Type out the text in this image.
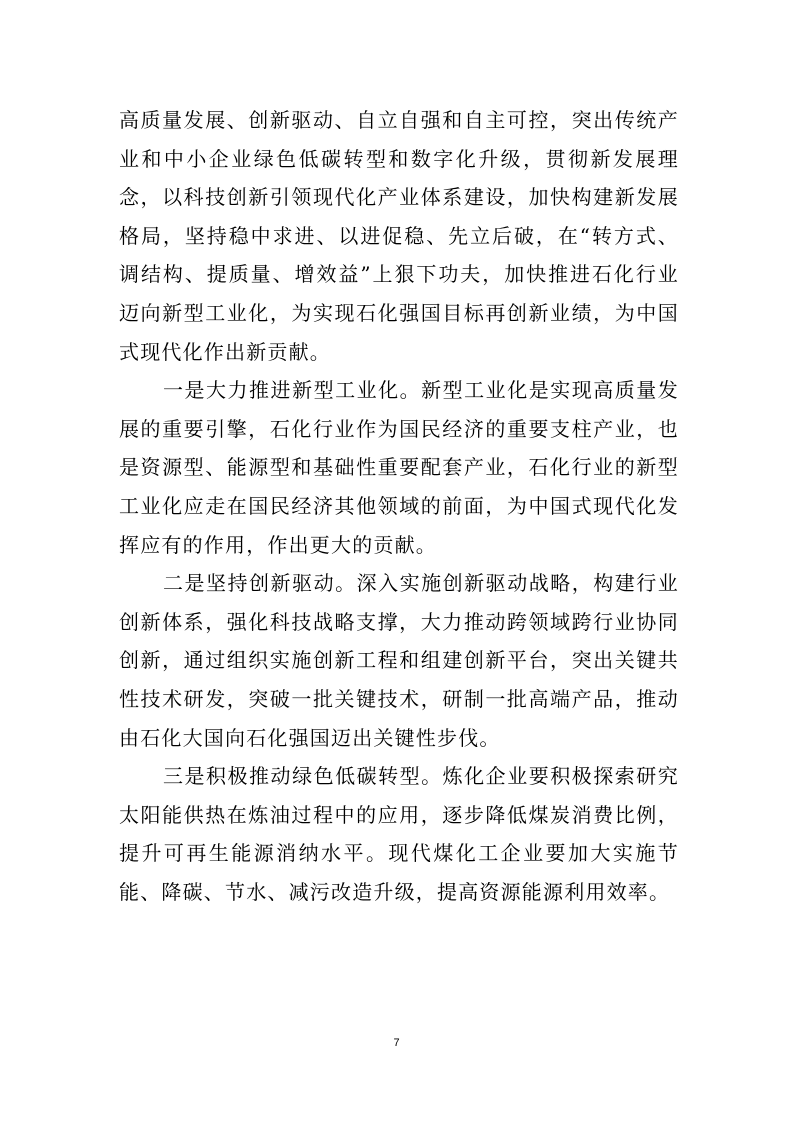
高质量发展、创新驱动、自立自强和自主可控，突出传统产业和中小企业绿色低碳转型和数字化升级，贯彻新发展理念，以科技创新引领现代化产业体系建设，加快构建新发展格局，坚持稳中求进、以进促稳、先立后破，在“转方式、调结构、提质量、增效益”上狠下功夫，加快推进石化行业迈向新型工业化，为实现石化强国目标再创新业绩，为中国式现代化作出新贡献。

一是大力推进新型工业化。新型工业化是实现高质量发展的重要引擎，石化行业作为国民经济的重要支柱产业，也是资源型、能源型和基础性重要配套产业，石化行业的新型工业化应走在国民经济其他领域的前面，为中国式现代化发挥应有的作用，作出更大的贡献。

二是坚持创新驱动。深入实施创新驱动战略，构建行业创新体系，强化科技战略支撑，大力推动跨领域跨行业协同创新，通过组织实施创新工程和组建创新平台，突出关键共性技术研发，突破一批关键技术，研制一批高端产品，推动由石化大国向石化强国迈出关键性步伐。

三是积极推动绿色低碳转型。炼化企业要积极探索研究太阳能供热在炼油过程中的应用，逐步降低煤炭消费比例，提升可再生能源消纳水平。现代煤化工企业要加大实施节能、降碳、节水、减污改造升级，提高资源能源利用效率。

7
